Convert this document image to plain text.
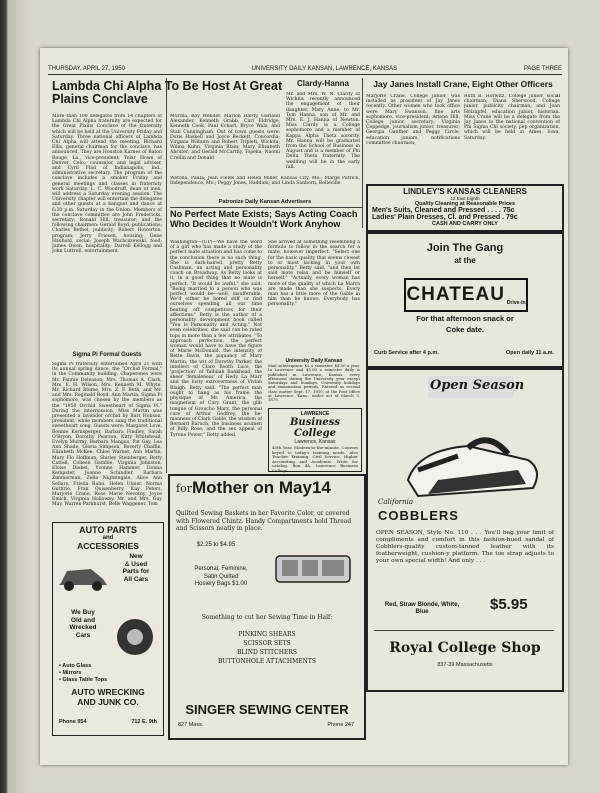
THURSDAY, APRIL 27, 1950	UNIVERSITY DAILY KANSAN, LAWRENCE, KANSAS	PAGE THREE
Lambda Chi Alpha To Be Host At Great Plains Conclave
More than 100 delegates from 14 chapters of Lambda Chi Alpha fraternity are expected for the Great Plains Conclave of the fraternity which will be held at the University Friday and Saturday. Three national officers of Lambda Chi Alpha will attend the meeting. Richard Ellis, general chairman for the conclave, has announced. They are Houston Karnes of Baton Rouge, La., vice-president; Tolar Howe of Denver, Colo., counselor, and legal adviser, and Cyril Flad of Indianapolis, Ind., administrative secretary. The program of the conclave includes a smoker Friday and general meetings and classes in fraternity work Saturday. L. C. Woodruff, dean of men, will address a Saturday evening session. The University chapter will entertain the delegates and other guests at a banquet and dance at 6:30 p.m. Saturday in the Union. Members of the conclave committee are John Fredericks, secretary; Ronald Hill, treasurer; and the following chairmen: Gerald Boyd, publications; Charles Bethel, publicity; Robert Howerton, program; Jerry Friesen, housing; Gene Hauhold, social; Joseph Wachcszewski, food; James Owen, hospitality; Darrell Kellogg and John Luttrell, entertainment.
Murdla, Roy Wender, Marlon Hardy, Garland Alexander, Kenneth Grabb, Carl Eldridge, Kenneth Cook, Paul Eckart, Bryce Walz, and Stan Cunningham. Out of town guests were: Doris Haskell and Joyce Beckett, Concordia; Virginia Wilburn and Robert Triplett, Wichita; Wilma Kuhn, Virginia Blain; Mary Elizabeth Abruter; and Gerald McCarthy, Topeka; Naomi Crellin and Donald
Sigma Pi Formal Guests
Sigma Pi fraternity entertained April 21 with its annual spring dance, the "Orchid Formal," in the Community building. Chaperones were Mr. Fannie Deleason; Mrs. Thomas A. Clark, Mrs. E. H. Wilson, Mrs. Kenneth M. Whyte, Mr. Richard Blume, Mrs. Z. F. Beth, and Mr. and Mrs. Reginald Boyd. Ann Martin, Sigma Pi sophomore, was chosen by the members as the "1950 Orchid Sweetheart of Sigma Pi." During the intermission, Miss Martin was presented a lavender orchid by Bart Hobson, president, while members sang the traditional sweetheart song. Guests were: Margaret Love, Bonnie Kernsperger, Barbara Findley, Sarah O'Bryon, Dorothy Pearson, Kitty Whitehead, Evelyn Murray, Barbara Mangus, Pat Gay, Lea Ann Shade, Gloria Simpson, Beverly Chaffin, Elizabeth McKee. Chloe Warner, Ann Martin, Mary Flo Hoffman, Shirley Steinberger, Betty Cattell, Colleen Gamble, Virginia Johnston, Eloise Diebel, Yvonne Hammer, Donna Kempster, Joanne Schindler, Barbara Zimmerman, Zella Nightingale, Alice Ann Sellars, Frieda Rahn. Helen Ulmer, Norma Guthrie, Fran Quisenberry, Kay Peters, Marjorie Crane, Rose Marie Nevotny, Joyce Emick, Virginia Holloway. Mr. and Mrs. Guy May, Warren Parkhurst, Belle Waggener, Tom
AUTO PARTS
and
ACCESSORIES
New
& Used
Parts for
All Cars
We Buy
Old and
Wrecked
Cars
• Auto Glass
• Mirrors
• Glass Table Tops
AUTO WRECKING
AND JUNK CO.
Phone 954	712 E. 9th
Clardy-Hanna
Mr. and Mrs. W. N. Clardy of Wichita recently announced the engagement of their daughter, Mary Anne, to Mr. Tom Hanna, son of Mr. and Mrs. E. J. Hanna of Newton. Miss Clardy is a College sophomore and a member of Kappa Alpha Theta sorority. Mr. Hanna will be graduated from the School of Business in August and is a member of Phi Delta Theta fraternity. The wedding will be in the early fall.
Wetona, Paula; Jean Fields and Helen Miller, Kansas City, Mo.; Marge Patrick, Independence, Mo.; Peggy Jones, Haddam; and Linda Sanborn, Belleville.
Patronize Daily Kansan Advertisers
No Perfect Mate Exists; Says Acting Coach Who Decides It Wouldn't Work Anyhow
Washington—(UP)—We have the word of a girl who has made a study of the perfect mate situation and has come to the conclusion there is no such thing. She is dark-haired, pretty Betty Cashman, an acting and personality coach on Broadway. As Betty looks at it, in a good thing that no mate is perfect. "It would be awful," she said. "Being married to a person who was perfect would be—well, insufferable. We'd either be bored stiff or find ourselves spending all our time beating off competitors for their affections." Betty is the author of a personality development book called "You Is Personality and Acting." Not even celebrities, she said can be rated tops in more than a few attributes. "To approach perfection, the perfect woman would have to have the figure of Marie McDonald, the intensity of Bette Davis, the piquancy of Mary Martin, the wit of Dorothy Parker, the intellect of Clare Booth Luce, the 'projection' of Tallulah Bankhead, the sheer 'femaleness' of Hedy La Marr and the lusty extrovertness of Vivian Blaigh. Betty said. "The perfect man ought to hang as his frame the physique of Mr. America, the magnetism of Cary Grant, the glib tongue of Groucho Marx, the personal care of Arthur Godfrey, the he-manness of Clark Gable, the wisdom of Bernard Baruch, the business acumen of Billy Rose, and the sex appeal of Tyrone Power," Betty added.
She arrived at something resembling a formula to follow in the search for a mate, however imperfect. "Select one for the basic quality that seems closest to or most lacking in your own personality," Betty said, "and then let said mate relax and be himself or herself." "Actually, every woman has more of the quality of which La Marra are made than she suspects. Every man has a little more of the Gable in him than he knows. Everybody has personality."
University Daily Kansan
Mail subscription: $2 a semester, $4.50 a year. In Lawrence and $5.00 a semester daily is published in Lawrence, Kansas, every afternoon during the University year except Saturdays and Sundays, University holidays and examination periods. Entered as second class matter Sept. 17, 1910, at the Post Office at Lawrence, Kans., under act of March 3, 1879.
LAWRENCE
Business College
Lawrence, Kansas
40th Year. Modern-to-the-minute. Courses keyed to today's training needs. Also Teacher Training, Civil Service, Higher Accounting and Academic. Write for catalog. Box 4A, Lawrence Business College.
Jay Janes Install Crane, Eight Other Officers
Marjorie Crane, College junior, was installed as president of Jay Janes recently. Other women who took office were Mary Swanson, fine arts sophomore, vice-president; Arlene Hill, College junior, secretary; Virginia Coppedge, journalism junior, treasurer; Georgia Ganther and Peggy Circle, education juniors, notifications committee chairmen;
Ruth B. Horwitz, College junior, social chairman; Diana Sherwood, College junior, publicity chairman; and Joan Holzapfel, education junior, historian. Miss Crane will be a delegate from the Jay Janes to the national convention of Phi Sigma Chi society, pep organization, which will be held at Ames, Iowa, Saturday.
LINDLEY'S KANSAS CLEANERS
12 East Eighth
Quality Cleaning at Reasonable Prices
Men's Suits, Cleaned and Pressed . . . . 75c
Ladies' Plain Dresses, Cl. and Pressed . 79c
CASH AND CARRY ONLY
Join The Gang
at the
CHATEAU Drive-In
For that afternoon snack or
Coke date.
Curb Service after 4 p.m.	Open daily 11 a.m.
Open Season
California
COBBLERS
OPEN SEASON, Style No. 110 . . . You'll bag your limit of compliments and comfort in this fashion-hued sandal of Cobblers-quality custom-tanned leather with its featherweight, cushion-y platform. The toe strap adjusts to your own special width! And only . . .
Red, Straw Blonde, White, Blue	$5.95
Royal College Shop
837-39 Massachusetts
for Mother on May14
Quilted Sewing Baskets in her Favorite Color, or covered with Flowered Chintz. Handy Compartments hold Thread and Scissors neatly in place.
$2.25 to $4.95
Personal, Feminine,
Satin Quilted
Hosiery Bags $1.00
Something to cut her Sewing Time in Half:
PINKING SHEARS
SCISSOR SETS
BLIND STITCHERS
BUTTONHOLE ATTACHMENTS
SINGER SEWING CENTER
827 Mass.	Phone 247
